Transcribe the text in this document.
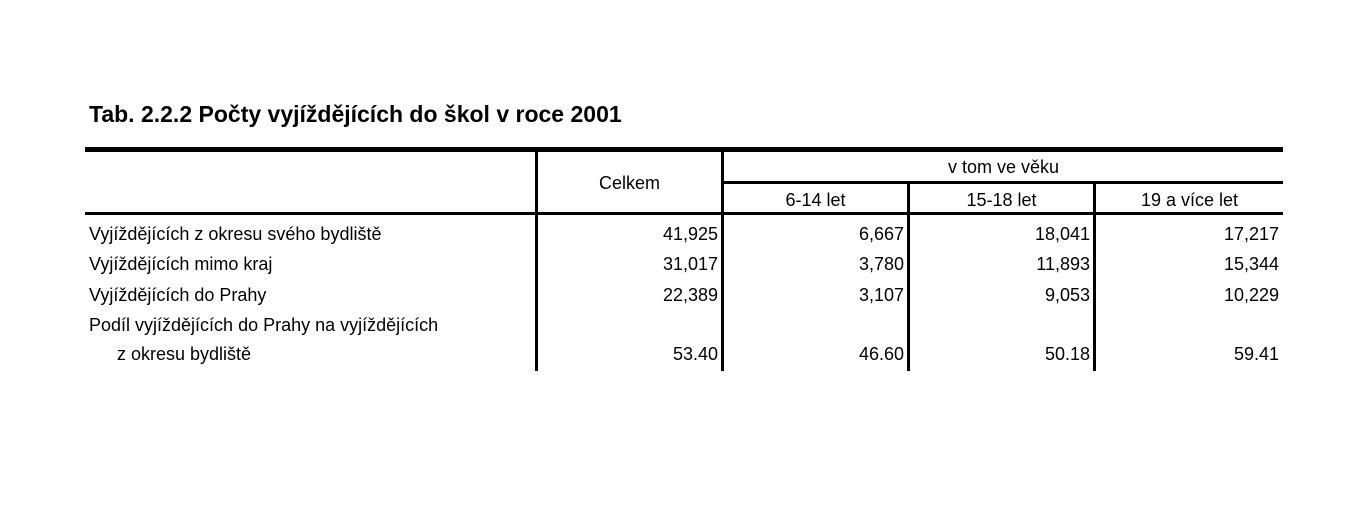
Tab. 2.2.2 Počty vyjíždějících do škol v roce 2001
Celkem
v tom ve věku
6-14 let	15-18 let	19 a více let
Vyjíždějících z okresu svého bydliště	41,925	6,667	18,041	17,217
Vyjíždějících mimo kraj	31,017	3,780	11,893	15,344
Vyjíždějících do Prahy	22,389	3,107	9,053	10,229
Podíl vyjíždějících do Prahy na vyjíždějících
z okresu bydliště	53.40	46.60	50.18	59.41
